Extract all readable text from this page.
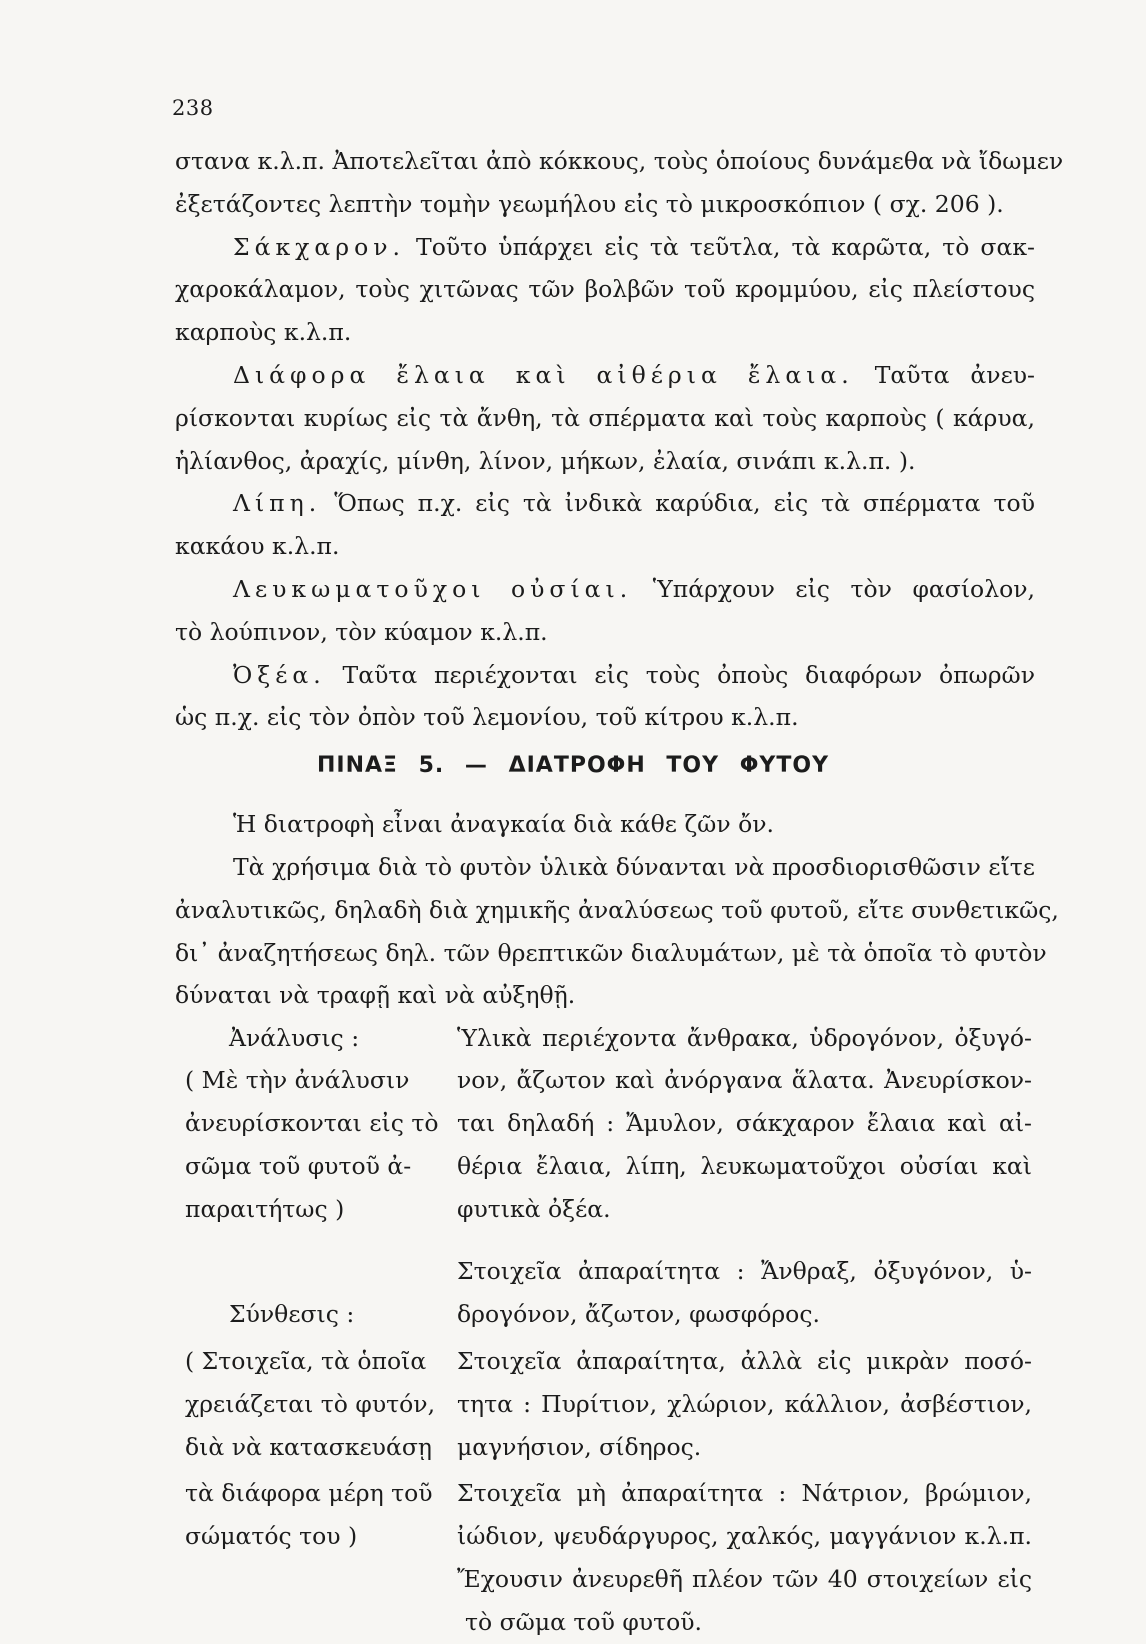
238
στανα κ.λ.π. Ἀποτελεῖται ἀπὸ κόκκους, τοὺς ὁποίους δυνάμεθα νὰ ἴδωμεν
ἐξετάζοντες λεπτὴν τομὴν γεωμήλου εἰς τὸ μικροσκόπιον ( σχ. 206 ).
Σάκχαρον. Τοῦτο ὑπάρχει εἰς τὰ τεῦτλα, τὰ καρῶτα, τὸ σακ-
χαροκάλαμον, τοὺς χιτῶνας τῶν βολβῶν τοῦ κρομμύου, εἰς πλείστους
καρποὺς κ.λ.π.
Διάφορα ἔλαια καὶ αἰθέρια ἔλαια. Ταῦτα ἀνευ-
ρίσκονται κυρίως εἰς τὰ ἄνθη, τὰ σπέρματα καὶ τοὺς καρποὺς ( κάρυα,
ἡλίανθος, ἀραχίς, μίνθη, λίνον, μήκων, ἐλαία, σινάπι κ.λ.π. ).
Λίπη. Ὅπως π.χ. εἰς τὰ ἰνδικὰ καρύδια, εἰς τὰ σπέρματα τοῦ
κακάου κ.λ.π.
Λευκωματοῦχοι οὐσίαι. Ὑπάρχουν εἰς τὸν φασίολον,
τὸ λούπινον, τὸν κύαμον κ.λ.π.
Ὀξέα. Ταῦτα περιέχονται εἰς τοὺς ὀποὺς διαφόρων ὀπωρῶν
ὡς π.χ. εἰς τὸν ὀπὸν τοῦ λεμονίου, τοῦ κίτρου κ.λ.π.
ΠΙΝΑΞ 5. — ΔΙΑΤΡΟΦΗ ΤΟΥ ΦΥΤΟΥ
Ἡ διατροφὴ εἶναι ἀναγκαία διὰ κάθε ζῶν ὄν.
Τὰ χρήσιμα διὰ τὸ φυτὸν ὑλικὰ δύνανται νὰ προσδιορισθῶσιν εἴτε
ἀναλυτικῶς, δηλαδὴ διὰ χημικῆς ἀναλύσεως τοῦ φυτοῦ, εἴτε συνθετικῶς,
δι᾽ ἀναζητήσεως δηλ. τῶν θρεπτικῶν διαλυμάτων, μὲ τὰ ὁποῖα τὸ φυτὸν
δύναται νὰ τραφῇ καὶ νὰ αὐξηθῇ.
Ἀνάλυσις :
( Μὲ τὴν ἀνάλυσιν
ἀνευρίσκονται εἰς τὸ
σῶμα τοῦ φυτοῦ ἀ-
παραιτήτως )
Ὑλικὰ περιέχοντα ἄνθρακα, ὑδρογόνον, ὀξυγό-
νον, ἄζωτον καὶ ἀνόργανα ἅλατα. Ἀνευρίσκον-
ται δηλαδή : Ἄμυλον, σάκχαρον ἔλαια καὶ αἰ-
θέρια ἔλαια, λίπη, λευκωματοῦχοι οὐσίαι καὶ
φυτικὰ ὀξέα.
Σύνθεσις :
( Στοιχεῖα, τὰ ὁποῖα
χρειάζεται τὸ φυτόν,
διὰ νὰ κατασκευάσῃ
τὰ διάφορα μέρη τοῦ
σώματός του )
Στοιχεῖα ἀπαραίτητα : Ἄνθραξ, ὀξυγόνον, ὑ-
δρογόνον, ἄζωτον, φωσφόρος.
Στοιχεῖα ἀπαραίτητα, ἀλλὰ εἰς μικρὰν ποσό-
τητα : Πυρίτιον, χλώριον, κάλλιον, ἀσβέστιον,
μαγνήσιον, σίδηρος.
Στοιχεῖα μὴ ἀπαραίτητα : Νάτριον, βρώμιον,
ἰώδιον, ψευδάργυρος, χαλκός, μαγγάνιον κ.λ.π.
Ἔχουσιν ἀνευρεθῆ πλέον τῶν 40 στοιχείων εἰς
τὸ σῶμα τοῦ φυτοῦ.
